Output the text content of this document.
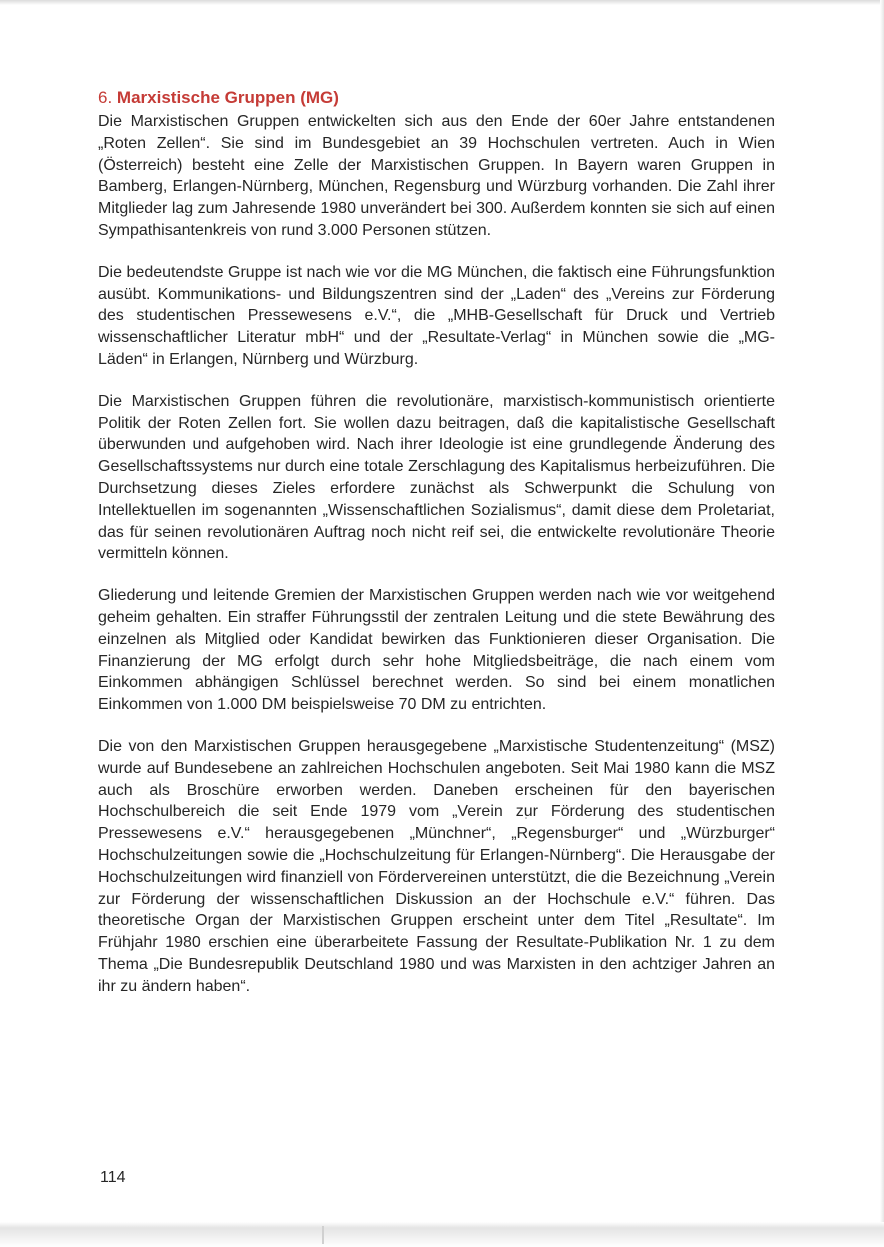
6. Marxistische Gruppen (MG)

Die Marxistischen Gruppen entwickelten sich aus den Ende der 60er Jahre entstandenen „Roten Zellen“. Sie sind im Bundesgebiet an 39 Hochschulen vertreten. Auch in Wien (Österreich) besteht eine Zelle der Marxistischen Gruppen. In Bayern waren Gruppen in Bamberg, Erlangen-Nürnberg, München, Regensburg und Würzburg vorhanden. Die Zahl ihrer Mitglieder lag zum Jahresende 1980 unverändert bei 300. Außerdem konnten sie sich auf einen Sympathisantenkreis von rund 3.000 Personen stützen.

Die bedeutendste Gruppe ist nach wie vor die MG München, die faktisch eine Führungsfunktion ausübt. Kommunikations- und Bildungszentren sind der „Laden“ des „Vereins zur Förderung des studentischen Pressewesens e.V.“, die „MHB-Gesellschaft für Druck und Vertrieb wissenschaftlicher Literatur mbH“ und der „Resultate-Verlag“ in München sowie die „MG-Läden“ in Erlangen, Nürnberg und Würzburg.

Die Marxistischen Gruppen führen die revolutionäre, marxistisch-kommunistisch orientierte Politik der Roten Zellen fort. Sie wollen dazu beitragen, daß die kapitalistische Gesellschaft überwunden und aufgehoben wird. Nach ihrer Ideologie ist eine grundlegende Änderung des Gesellschaftssystems nur durch eine totale Zerschlagung des Kapitalismus herbeizuführen. Die Durchsetzung dieses Zieles erfordere zunächst als Schwerpunkt die Schulung von Intellektuellen im sogenannten „Wissenschaftlichen Sozialismus“, damit diese dem Proletariat, das für seinen revolutionären Auftrag noch nicht reif sei, die entwickelte revolutionäre Theorie vermitteln können.

Gliederung und leitende Gremien der Marxistischen Gruppen werden nach wie vor weitgehend geheim gehalten. Ein straffer Führungsstil der zentralen Leitung und die stete Bewährung des einzelnen als Mitglied oder Kandidat bewirken das Funktionieren dieser Organisation. Die Finanzierung der MG erfolgt durch sehr hohe Mitgliedsbeiträge, die nach einem vom Einkommen abhängigen Schlüssel berechnet werden. So sind bei einem monatlichen Einkommen von 1.000 DM beispielsweise 70 DM zu entrichten.

Die von den Marxistischen Gruppen herausgegebene „Marxistische Studentenzeitung“ (MSZ) wurde auf Bundesebene an zahlreichen Hochschulen angeboten. Seit Mai 1980 kann die MSZ auch als Broschüre erworben werden. Daneben erscheinen für den bayerischen Hochschulbereich die seit Ende 1979 vom „Verein zur Förderung des studentischen Pressewesens e.V.“ herausgegebenen „Münchner“, „Regensburger“ und „Würzburger“ Hochschulzeitungen sowie die „Hochschulzeitung für Erlangen-Nürnberg“. Die Herausgabe der Hochschulzeitungen wird finanziell von Fördervereinen unterstützt, die die Bezeichnung „Verein zur Förderung der wissenschaftlichen Diskussion an der Hochschule e.V.“ führen. Das theoretische Organ der Marxistischen Gruppen erscheint unter dem Titel „Resultate“. Im Frühjahr 1980 erschien eine überarbeitete Fassung der Resultate-Publikation Nr. 1 zu dem Thema „Die Bundesrepublik Deutschland 1980 und was Marxisten in den achtziger Jahren an ihr zu ändern haben“.

114
